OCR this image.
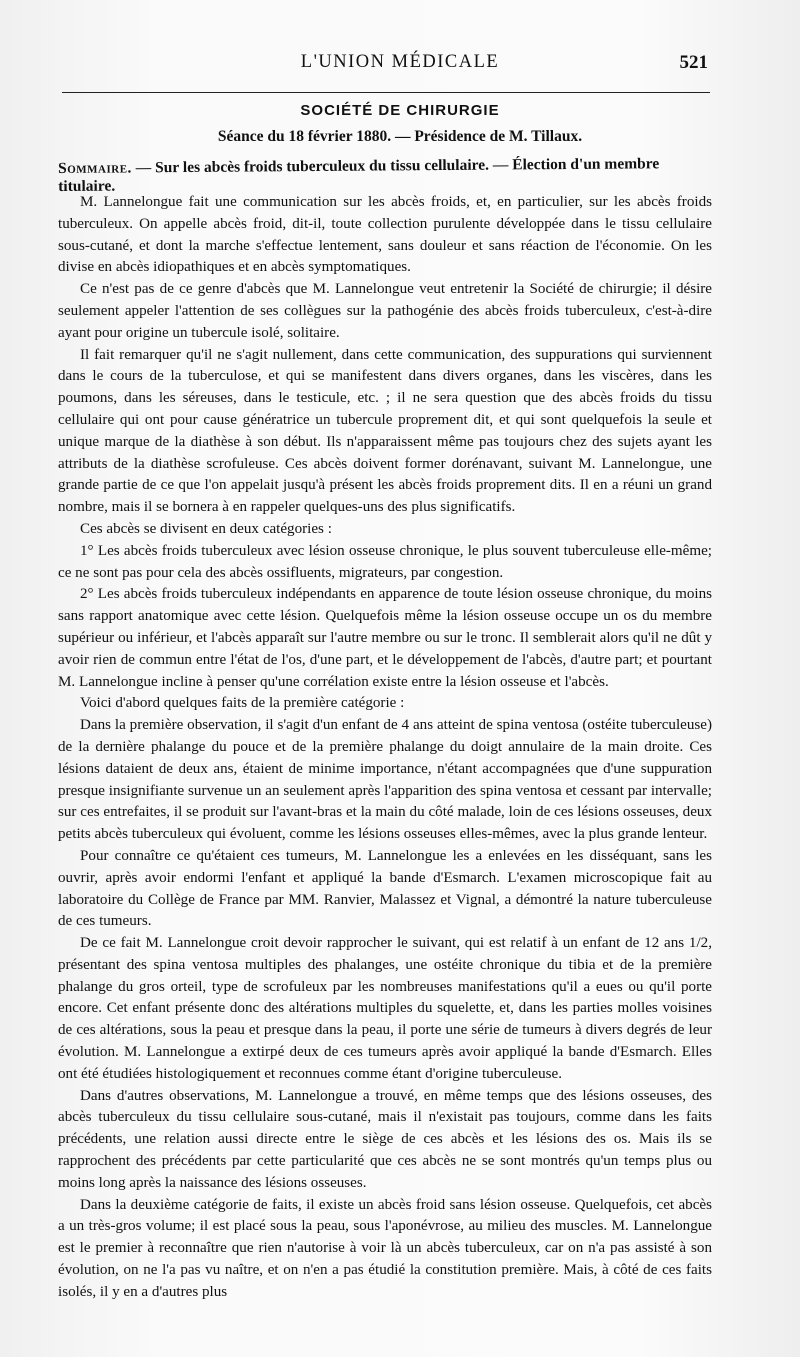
L'UNION MÉDICALE	521
SOCIÉTÉ DE CHIRURGIE
Séance du 18 février 1880. — Présidence de M. Tillaux.
Sommaire. — Sur les abcès froids tuberculeux du tissu cellulaire. — Élection d'un membre titulaire.

M. Lannelongue fait une communication sur les abcès froids, et, en particulier, sur les abcès froids tuberculeux. On appelle abcès froid, dit-il, toute collection purulente développée dans le tissu cellulaire sous-cutané, et dont la marche s'effectue lentement, sans douleur et sans réaction de l'économie. On les divise en abcès idiopathiques et en abcès symptomatiques.

Ce n'est pas de ce genre d'abcès que M. Lannelongue veut entretenir la Société de chirurgie; il désire seulement appeler l'attention de ses collègues sur la pathogénie des abcès froids tuberculeux, c'est-à-dire ayant pour origine un tubercule isolé, solitaire.

Il fait remarquer qu'il ne s'agit nullement, dans cette communication, des suppurations qui surviennent dans le cours de la tuberculose, et qui se manifestent dans divers organes, dans les viscères, dans les poumons, dans les séreuses, dans le testicule, etc. ; il ne sera question que des abcès froids du tissu cellulaire qui ont pour cause génératrice un tubercule proprement dit, et qui sont quelquefois la seule et unique marque de la diathèse à son début. Ils n'apparaissent même pas toujours chez des sujets ayant les attributs de la diathèse scrofuleuse. Ces abcès doivent former dorénavant, suivant M. Lannelongue, une grande partie de ce que l'on appelait jusqu'à présent les abcès froids proprement dits. Il en a réuni un grand nombre, mais il se bornera à en rappeler quelques-uns des plus significatifs.

Ces abcès se divisent en deux catégories :

1° Les abcès froids tuberculeux avec lésion osseuse chronique, le plus souvent tuberculeuse elle-même; ce ne sont pas pour cela des abcès ossifluents, migrateurs, par congestion.

2° Les abcès froids tuberculeux indépendants en apparence de toute lésion osseuse chronique, du moins sans rapport anatomique avec cette lésion. Quelquefois même la lésion osseuse occupe un os du membre supérieur ou inférieur, et l'abcès apparaît sur l'autre membre ou sur le tronc. Il semblerait alors qu'il ne dût y avoir rien de commun entre l'état de l'os, d'une part, et le développement de l'abcès, d'autre part; et pourtant M. Lannelongue incline à penser qu'une corrélation existe entre la lésion osseuse et l'abcès.

Voici d'abord quelques faits de la première catégorie :

Dans la première observation, il s'agit d'un enfant de 4 ans atteint de spina ventosa (ostéite tuberculeuse) de la dernière phalange du pouce et de la première phalange du doigt annulaire de la main droite. Ces lésions dataient de deux ans, étaient de minime importance, n'étant accompagnées que d'une suppuration presque insignifiante survenue un an seulement après l'apparition des spina ventosa et cessant par intervalle; sur ces entrefaites, il se produit sur l'avant-bras et la main du côté malade, loin de ces lésions osseuses, deux petits abcès tuberculeux qui évoluent, comme les lésions osseuses elles-mêmes, avec la plus grande lenteur.

Pour connaître ce qu'étaient ces tumeurs, M. Lannelongue les a enlevées en les disséquant, sans les ouvrir, après avoir endormi l'enfant et appliqué la bande d'Esmarch. L'examen microscopique fait au laboratoire du Collège de France par MM. Ranvier, Malassez et Vignal, a démontré la nature tuberculeuse de ces tumeurs.

De ce fait M. Lannelongue croit devoir rapprocher le suivant, qui est relatif à un enfant de 12 ans 1/2, présentant des spina ventosa multiples des phalanges, une ostéite chronique du tibia et de la première phalange du gros orteil, type de scrofuleux par les nombreuses manifestations qu'il a eues ou qu'il porte encore. Cet enfant présente donc des altérations multiples du squelette, et, dans les parties molles voisines de ces altérations, sous la peau et presque dans la peau, il porte une série de tumeurs à divers degrés de leur évolution. M. Lannelongue a extirpé deux de ces tumeurs après avoir appliqué la bande d'Esmarch. Elles ont été étudiées histologiquement et reconnues comme étant d'origine tuberculeuse.

Dans d'autres observations, M. Lannelongue a trouvé, en même temps que des lésions osseuses, des abcès tuberculeux du tissu cellulaire sous-cutané, mais il n'existait pas toujours, comme dans les faits précédents, une relation aussi directe entre le siège de ces abcès et les lésions des os. Mais ils se rapprochent des précédents par cette particularité que ces abcès ne se sont montrés qu'un temps plus ou moins long après la naissance des lésions osseuses.

Dans la deuxième catégorie de faits, il existe un abcès froid sans lésion osseuse. Quelquefois, cet abcès a un très-gros volume; il est placé sous la peau, sous l'aponévrose, au milieu des muscles. M. Lannelongue est le premier à reconnaître que rien n'autorise à voir là un abcès tuberculeux, car on n'a pas assisté à son évolution, on ne l'a pas vu naître, et on n'en a pas étudié la constitution première. Mais, à côté de ces faits isolés, il y en a d'autres plus
